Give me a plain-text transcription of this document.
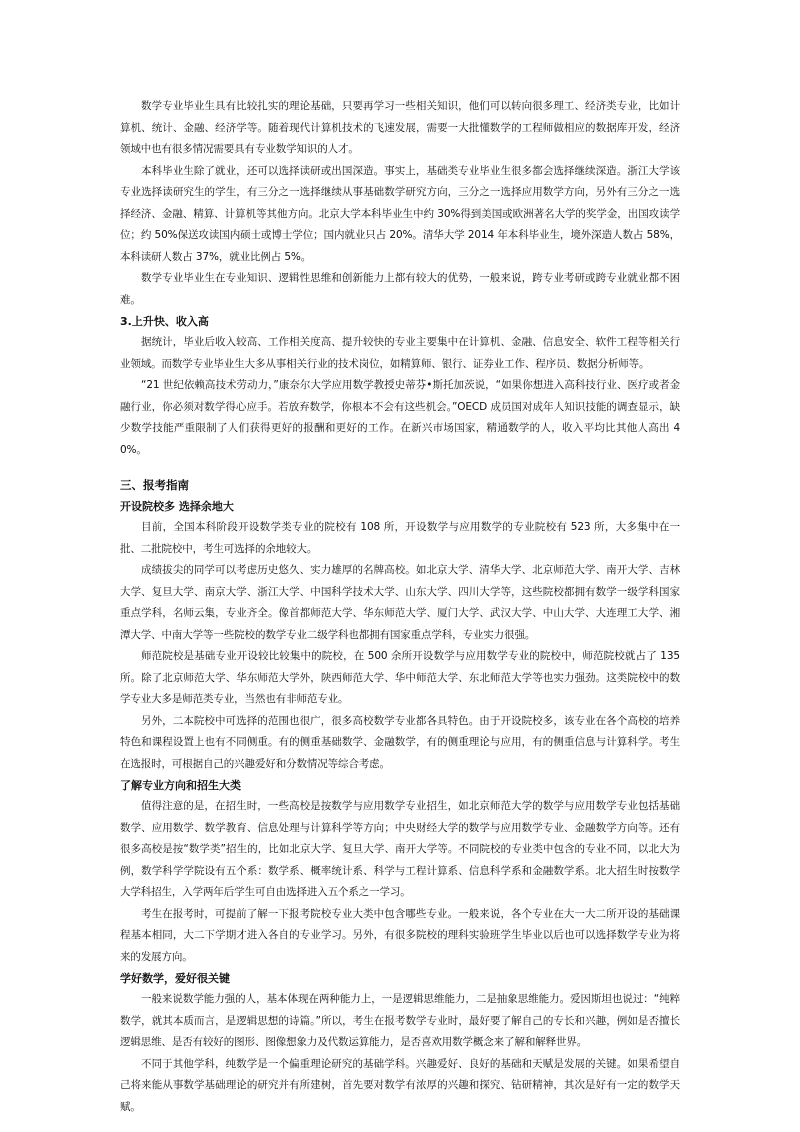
数学专业毕业生具有比较扎实的理论基础，只要再学习一些相关知识，他们可以转向很多理工、经济类专业，比如计算机、统计、金融、经济学等。随着现代计算机技术的飞速发展，需要一大批懂数学的工程师做相应的数据库开发，经济领域中也有很多情况需要具有专业数学知识的人才。

本科毕业生除了就业，还可以选择读研或出国深造。事实上，基础类专业毕业生很多都会选择继续深造。浙江大学该专业选择读研究生的学生，有三分之一选择继续从事基础数学研究方向，三分之一选择应用数学方向，另外有三分之一选择经济、金融、精算、计算机等其他方向。北京大学本科毕业生中约 30%得到美国或欧洲著名大学的奖学金，出国攻读学位；约 50%保送攻读国内硕士或博士学位；国内就业只占 20%。清华大学 2014 年本科毕业生，境外深造人数占 58%，本科读研人数占 37%，就业比例占 5%。

数学专业毕业生在专业知识、逻辑性思维和创新能力上都有较大的优势，一般来说，跨专业考研或跨专业就业都不困难。

3.上升快、收入高

据统计，毕业后收入较高、工作相关度高、提升较快的专业主要集中在计算机、金融、信息安全、软件工程等相关行业领域。而数学专业毕业生大多从事相关行业的技术岗位，如精算师、银行、证券业工作、程序员、数据分析师等。

“21 世纪依赖高技术劳动力，”康奈尔大学应用数学教授史蒂芬•斯托加茨说，“如果你想进入高科技行业、医疗或者金融行业，你必须对数学得心应手。若放弃数学，你根本不会有这些机会。”OECD 成员国对成年人知识技能的调查显示，缺少数学技能严重限制了人们获得更好的报酬和更好的工作。在新兴市场国家，精通数学的人，收入平均比其他人高出 40%。

三、报考指南

开设院校多 选择余地大

目前，全国本科阶段开设数学类专业的院校有 108 所，开设数学与应用数学的专业院校有 523 所，大多集中在一批、二批院校中，考生可选择的余地较大。

成绩拔尖的同学可以考虑历史悠久、实力雄厚的名牌高校。如北京大学、清华大学、北京师范大学、南开大学、吉林大学、复旦大学、南京大学、浙江大学、中国科学技术大学、山东大学、四川大学等，这些院校都拥有数学一级学科国家重点学科，名师云集，专业齐全。像首都师范大学、华东师范大学、厦门大学、武汉大学、中山大学、大连理工大学、湘潭大学、中南大学等一些院校的数学专业二级学科也都拥有国家重点学科，专业实力很强。

师范院校是基础专业开设较比较集中的院校，在 500 余所开设数学与应用数学专业的院校中，师范院校就占了 135 所。除了北京师范大学、华东师范大学外，陕西师范大学、华中师范大学、东北师范大学等也实力强劲。这类院校中的数学专业大多是师范类专业，当然也有非师范专业。

另外，二本院校中可选择的范围也很广，很多高校数学专业都各具特色。由于开设院校多，该专业在各个高校的培养特色和课程设置上也有不同侧重。有的侧重基础数学、金融数学，有的侧重理论与应用，有的侧重信息与计算科学。考生在选报时，可根据自己的兴趣爱好和分数情况等综合考虑。

了解专业方向和招生大类

值得注意的是，在招生时，一些高校是按数学与应用数学专业招生，如北京师范大学的数学与应用数学专业包括基础数学、应用数学、数学教育、信息处理与计算科学等方向；中央财经大学的数学与应用数学专业、金融数学方向等。还有很多高校是按“数学类”招生的，比如北京大学、复旦大学、南开大学等。不同院校的专业类中包含的专业不同，以北大为例，数学科学学院设有五个系：数学系、概率统计系、科学与工程计算系、信息科学系和金融数学系。北大招生时按数学大学科招生，入学两年后学生可自由选择进入五个系之一学习。

考生在报考时，可提前了解一下报考院校专业大类中包含哪些专业。一般来说，各个专业在大一大二所开设的基础课程基本相同，大二下学期才进入各自的专业学习。另外，有很多院校的理科实验班学生毕业以后也可以选择数学专业为将来的发展方向。

学好数学，爱好很关键

一般来说数学能力强的人，基本体现在两种能力上，一是逻辑思维能力，二是抽象思维能力。爱因斯坦也说过：“纯粹数学，就其本质而言，是逻辑思想的诗篇。”所以，考生在报考数学专业时，最好要了解自己的专长和兴趣，例如是否擅长逻辑思维、是否有较好的图形、图像想象力及代数运算能力，是否喜欢用数学概念来了解和解释世界。

不同于其他学科，纯数学是一个偏重理论研究的基础学科。兴趣爱好、良好的基础和天赋是发展的关键。如果希望自己将来能从事数学基础理论的研究并有所建树，首先要对数学有浓厚的兴趣和探究、钻研精神，其次是好有一定的数学天赋。
